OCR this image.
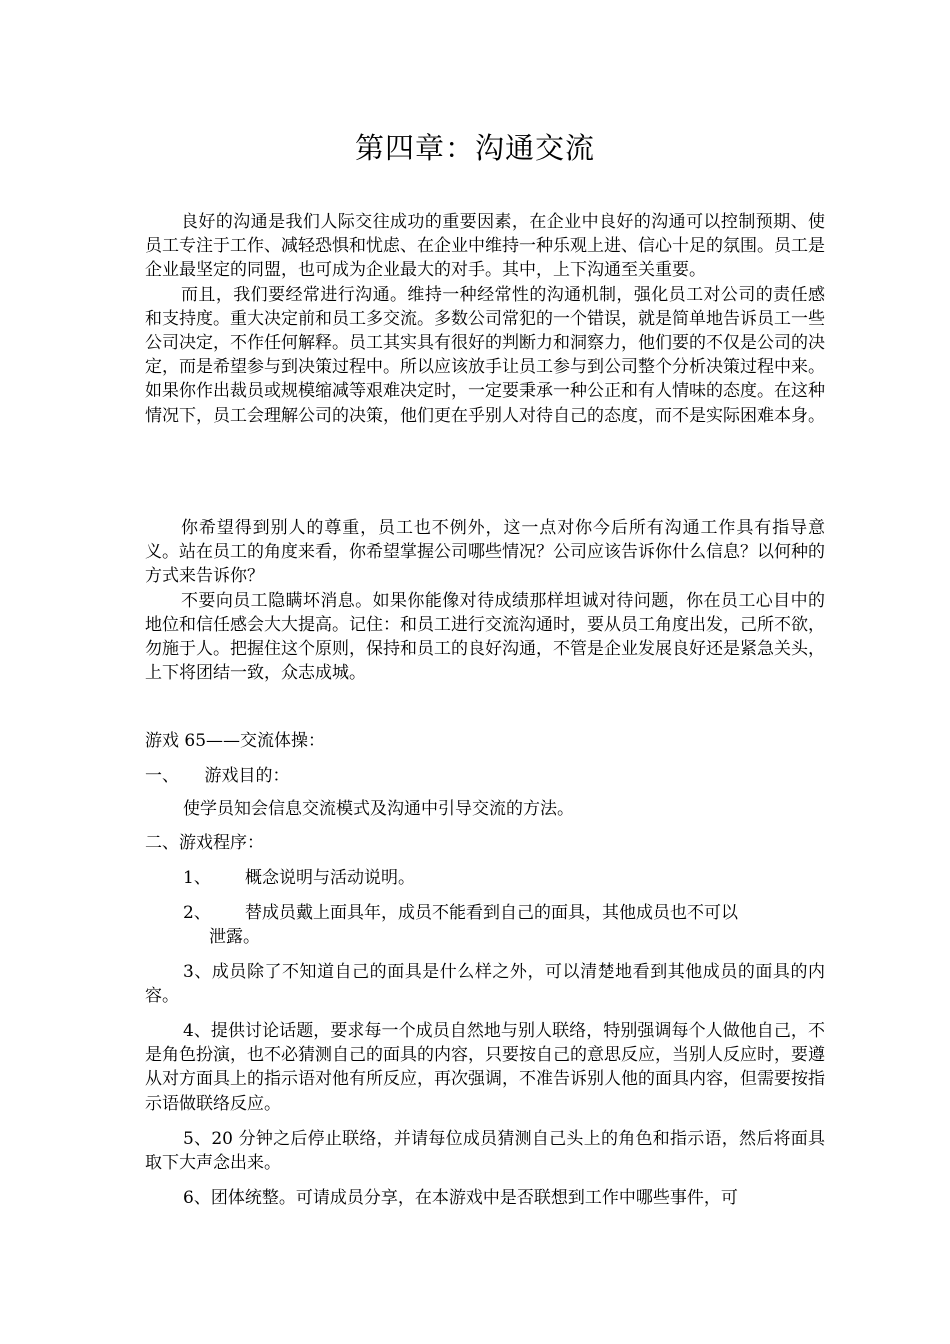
第四章：沟通交流

良好的沟通是我们人际交往成功的重要因素，在企业中良好的沟通可以控制预期、使员工专注于工作、减轻恐惧和忧虑、在企业中维持一种乐观上进、信心十足的氛围。员工是企业最坚定的同盟，也可成为企业最大的对手。其中，上下沟通至关重要。

而且，我们要经常进行沟通。维持一种经常性的沟通机制，强化员工对公司的责任感和支持度。重大决定前和员工多交流。多数公司常犯的一个错误，就是简单地告诉员工一些公司决定，不作任何解释。员工其实具有很好的判断力和洞察力，他们要的不仅是公司的决定，而是希望参与到决策过程中。所以应该放手让员工参与到公司整个分析决策过程中来。如果你作出裁员或规模缩减等艰难决定时，一定要秉承一种公正和有人情味的态度。在这种情况下，员工会理解公司的决策，他们更在乎别人对待自己的态度，而不是实际困难本身。

你希望得到别人的尊重，员工也不例外，这一点对你今后所有沟通工作具有指导意义。站在员工的角度来看，你希望掌握公司哪些情况？公司应该告诉你什么信息？以何种的方式来告诉你？

不要向员工隐瞒坏消息。如果你能像对待成绩那样坦诚对待问题，你在员工心目中的地位和信任感会大大提高。记住：和员工进行交流沟通时，要从员工角度出发，己所不欲，勿施于人。把握住这个原则，保持和员工的良好沟通，不管是企业发展良好还是紧急关头，上下将团结一致，众志成城。

游戏 65——交流体操：

一、　　游戏目的：

使学员知会信息交流模式及沟通中引导交流的方法。

二、游戏程序：

1、 概念说明与活动说明。
2、 替成员戴上面具年，成员不能看到自己的面具，其他成员也不可以
泄露。

3、成员除了不知道自己的面具是什么样之外，可以清楚地看到其他成员的面具的内容。

4、提供讨论话题，要求每一个成员自然地与别人联络，特别强调每个人做他自己，不是角色扮演，也不必猜测自己的面具的内容，只要按自己的意思反应，当别人反应时，要遵从对方面具上的指示语对他有所反应，再次强调，不准告诉别人他的面具内容，但需要按指示语做联络反应。

5、20 分钟之后停止联络，并请每位成员猜测自己头上的角色和指示语，然后将面具取下大声念出来。

6、团体统整。可请成员分享，在本游戏中是否联想到工作中哪些事件，可
